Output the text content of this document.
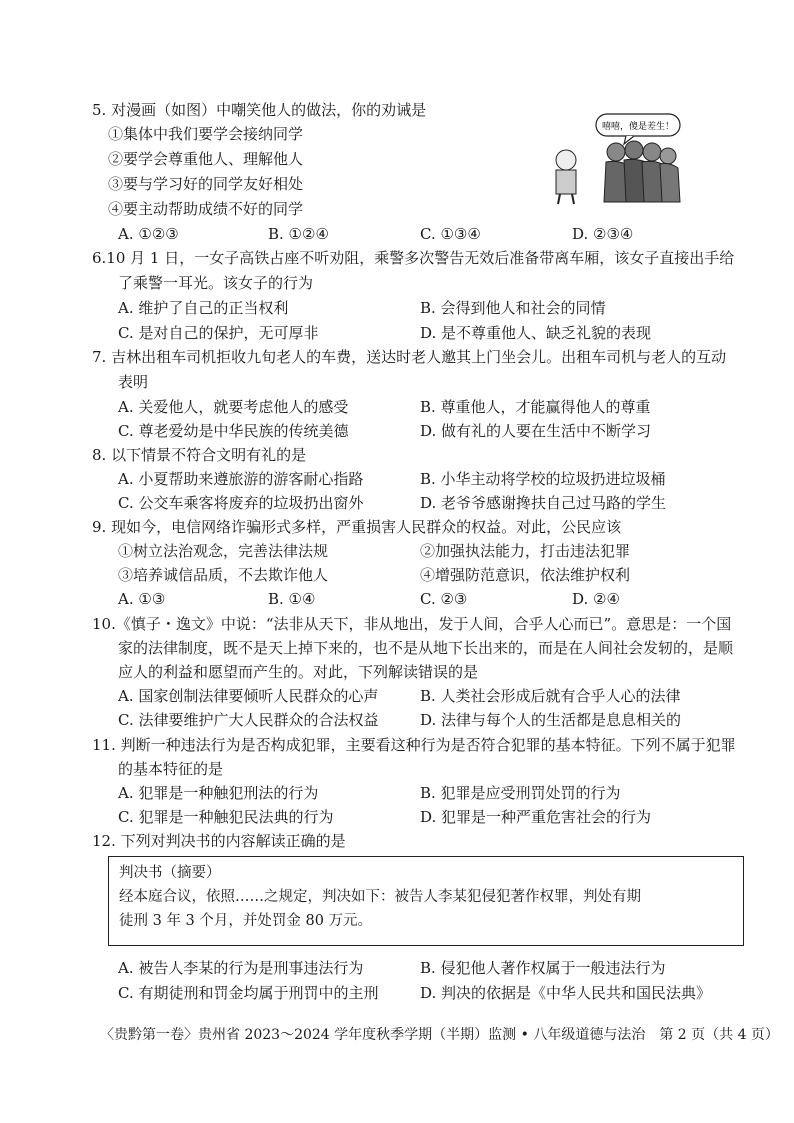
5. 对漫画（如图）中嘲笑他人的做法，你的劝诫是
①集体中我们要学会接纳同学
②要学会尊重他人、理解他人
③要与学习好的同学友好相处
④要主动帮助成绩不好的同学
A. ①②③	B. ①②④	C. ①③④	D. ②③④
嘻嘻，傻是差生！
6.10 月 1 日，一女子高铁占座不听劝阻，乘警多次警告无效后准备带离车厢，该女子直接出手给
了乘警一耳光。该女子的行为
A. 维护了自己的正当权利	B. 会得到他人和社会的同情
C. 是对自己的保护，无可厚非	D. 是不尊重他人、缺乏礼貌的表现
7. 吉林出租车司机拒收九旬老人的车费，送达时老人邀其上门坐会儿。出租车司机与老人的互动
表明
A. 关爱他人，就要考虑他人的感受	B. 尊重他人，才能赢得他人的尊重
C. 尊老爱幼是中华民族的传统美德	D. 做有礼的人要在生活中不断学习
8. 以下情景不符合文明有礼的是
A. 小夏帮助来遵旅游的游客耐心指路	B. 小华主动将学校的垃圾扔进垃圾桶
C. 公交车乘客将废弃的垃圾扔出窗外	D. 老爷爷感谢搀扶自己过马路的学生
9. 现如今，电信网络诈骗形式多样，严重损害人民群众的权益。对此，公民应该
①树立法治观念，完善法律法规	②加强执法能力，打击违法犯罪
③培养诚信品质，不去欺诈他人	④增强防范意识，依法维护权利
A. ①③	B. ①④	C. ②③	D. ②④
10.《慎子・逸文》中说：“法非从天下，非从地出，发于人间，合乎人心而已”。意思是：一个国
家的法律制度，既不是天上掉下来的，也不是从地下长出来的，而是在人间社会发轫的，是顺
应人的利益和愿望而产生的。对此，下列解读错误的是
A. 国家创制法律要倾听人民群众的心声	B. 人类社会形成后就有合乎人心的法律
C. 法律要维护广大人民群众的合法权益	D. 法律与每个人的生活都是息息相关的
11. 判断一种违法行为是否构成犯罪，主要看这种行为是否符合犯罪的基本特征。下列不属于犯罪
的基本特征的是
A. 犯罪是一种触犯刑法的行为	B. 犯罪是应受刑罚处罚的行为
C. 犯罪是一种触犯民法典的行为	D. 犯罪是一种严重危害社会的行为
12. 下列对判决书的内容解读正确的是
判决书（摘要）
经本庭合议，依照……之规定，判决如下：被告人李某犯侵犯著作权罪，判处有期
徒刑 3 年 3 个月，并处罚金 80 万元。
A. 被告人李某的行为是刑事违法行为	B. 侵犯他人著作权属于一般违法行为
C. 有期徒刑和罚金均属于刑罚中的主刑	D. 判决的依据是《中华人民共和国民法典》
〈贵黔第一卷〉贵州省 2023～2024 学年度秋季学期（半期）监测 • 八年级道德与法治　第 2 页（共 4 页）
